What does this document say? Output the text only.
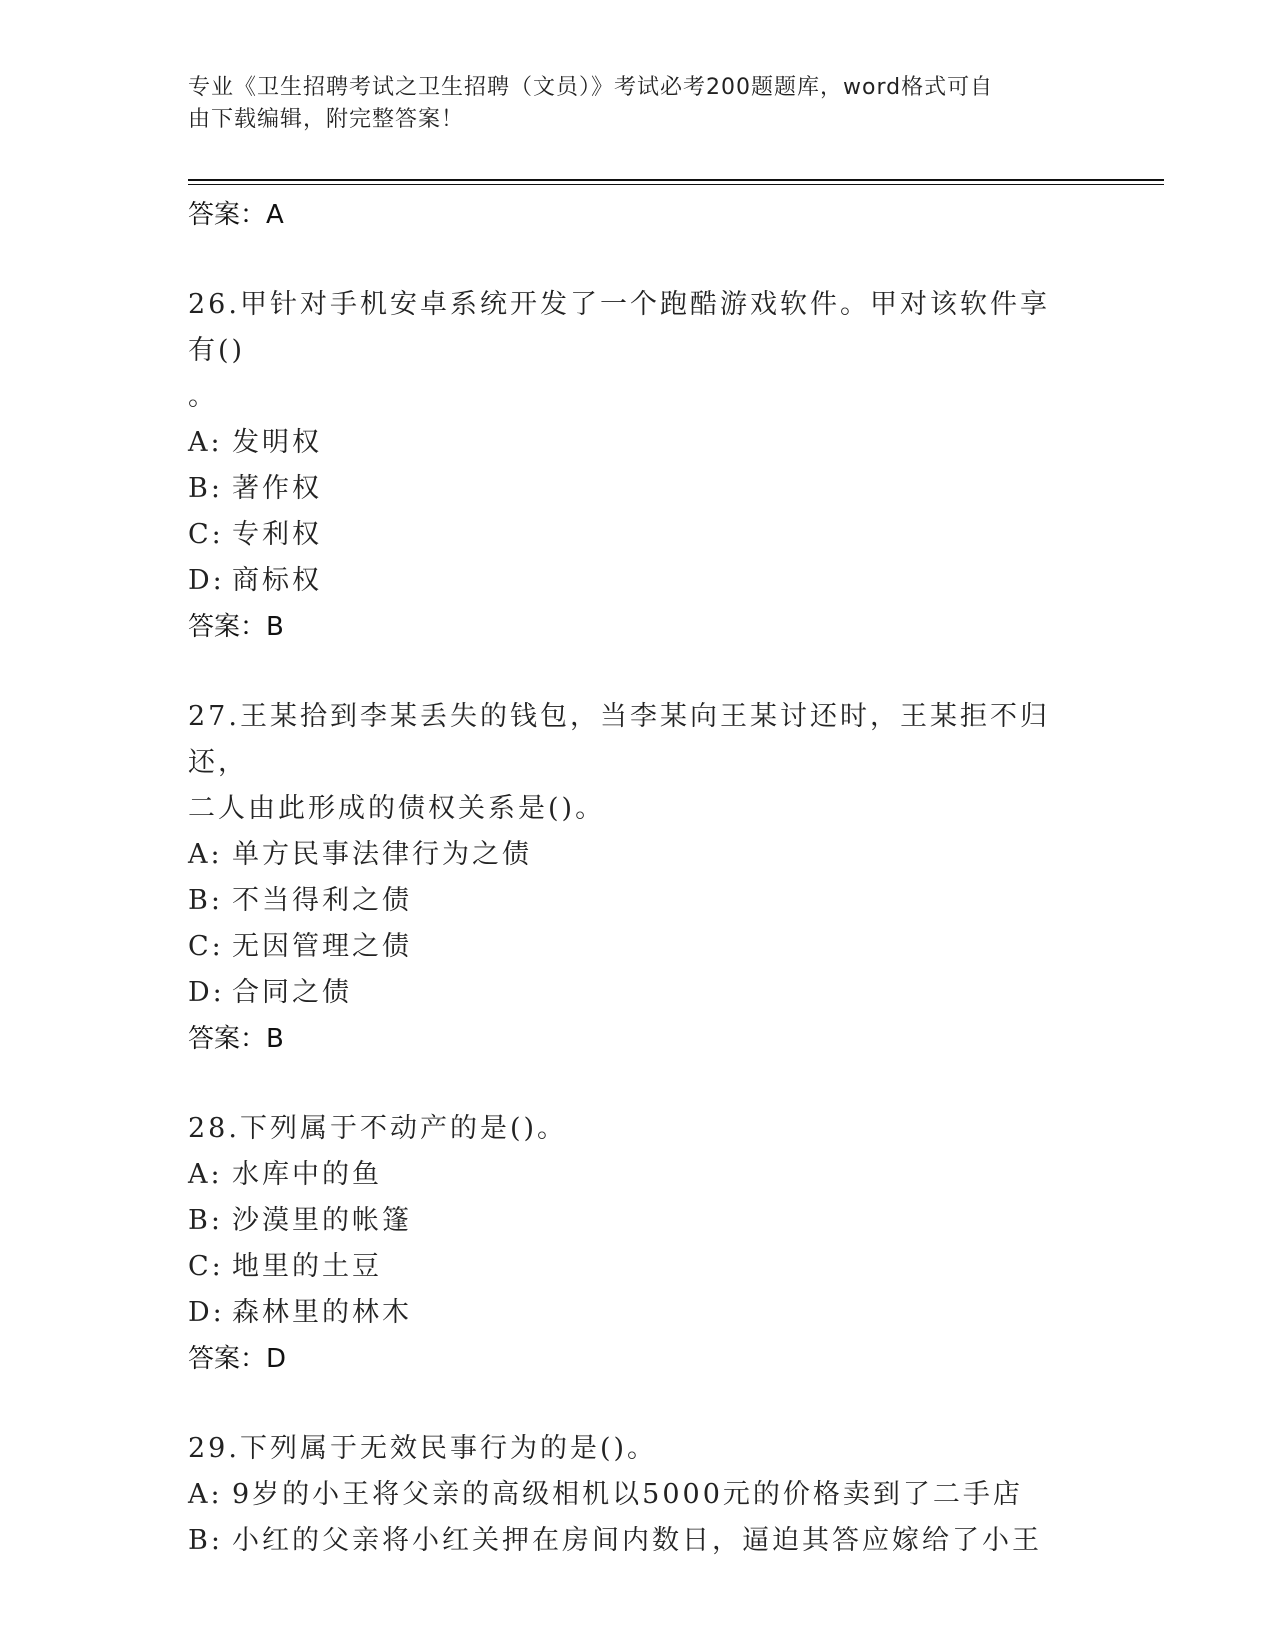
专业《卫生招聘考试之卫生招聘（文员）》考试必考200题题库，word格式可自
由下载编辑，附完整答案！
答案：A
26.甲针对手机安卓系统开发了一个跑酷游戏软件。甲对该软件享有()
。
A: 发明权
B: 著作权
C: 专利权
D: 商标权
答案：B
27.王某拾到李某丢失的钱包，当李某向王某讨还时，王某拒不归还，
二人由此形成的债权关系是()。
A: 单方民事法律行为之债
B: 不当得利之债
C: 无因管理之债
D: 合同之债
答案：B
28.下列属于不动产的是()。
A: 水库中的鱼
B: 沙漠里的帐篷
C: 地里的土豆
D: 森林里的林木
答案：D
29.下列属于无效民事行为的是()。
A: 9岁的小王将父亲的高级相机以5000元的价格卖到了二手店
B: 小红的父亲将小红关押在房间内数日，逼迫其答应嫁给了小王
